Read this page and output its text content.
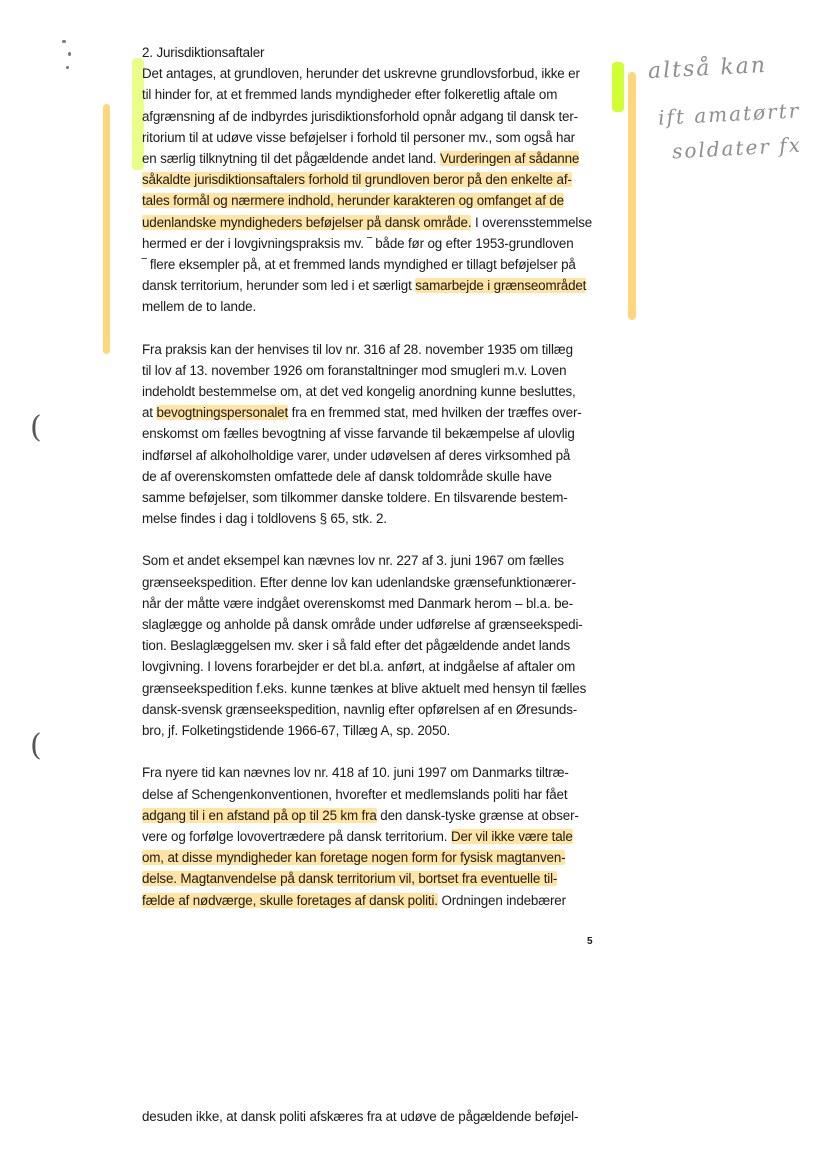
(
(
altså kan
ift amatørtr
soldater fx
2. Jurisdiktionsaftaler

Det antages, at grundloven, herunder det uskrevne grundlovsforbud, ikke er
til hinder for, at et fremmed lands myndigheder efter folkeretlig aftale om
afgrænsning af de indbyrdes jurisdiktionsforhold opnår adgang til dansk ter-
ritorium til at udøve visse beføjelser i forhold til personer mv., som også har
en særlig tilknytning til det pågældende andet land. Vurderingen af sådanne
såkaldte jurisdiktionsaftalers forhold til grundloven beror på den enkelte af-
tales formål og nærmere indhold, herunder karakteren og omfanget af de
udenlandske myndigheders beføjelser på dansk område. I overensstemmelse
hermed er der i lovgivningspraksis mv. ‾ både før og efter 1953-grundloven
‾ flere eksempler på, at et fremmed lands myndighed er tillagt beføjelser på
dansk territorium, herunder som led i et særligt samarbejde i grænseområdet
mellem de to lande.

Fra praksis kan der henvises til lov nr. 316 af 28. november 1935 om tillæg
til lov af 13. november 1926 om foranstaltninger mod smugleri m.v. Loven
indeholdt bestemmelse om, at det ved kongelig anordning kunne besluttes,
at bevogtningspersonalet fra en fremmed stat, med hvilken der træffes over-
enskomst om fælles bevogtning af visse farvande til bekæmpelse af ulovlig
indførsel af alkoholholdige varer, under udøvelsen af deres virksomhed på
de af overenskomsten omfattede dele af dansk toldområde skulle have
samme beføjelser, som tilkommer danske toldere. En tilsvarende bestem-
melse findes i dag i toldlovens § 65, stk. 2.

Som et andet eksempel kan nævnes lov nr. 227 af 3. juni 1967 om fælles
grænseekspedition. Efter denne lov kan udenlandske grænsefunktionærer-
når der måtte være indgået overenskomst med Danmark herom – bl.a. be-
slaglægge og anholde på dansk område under udførelse af grænseekspedi-
tion. Beslaglæggelsen mv. sker i så fald efter det pågældende andet lands
lovgivning. I lovens forarbejder er det bl.a. anført, at indgåelse af aftaler om
grænseekspedition f.eks. kunne tænkes at blive aktuelt med hensyn til fælles
dansk-svensk grænseekspedition, navnlig efter opførelsen af en Øresunds-
bro, jf. Folketingstidende 1966-67, Tillæg A, sp. 2050.

Fra nyere tid kan nævnes lov nr. 418 af 10. juni 1997 om Danmarks tiltræ-
delse af Schengenkonventionen, hvorefter et medlemslands politi har fået
adgang til i en afstand på op til 25 km fra den dansk-tyske grænse at obser-
vere og forfølge lovovertrædere på dansk territorium. Der vil ikke være tale
om, at disse myndigheder kan foretage nogen form for fysisk magtanven-
delse. Magtanvendelse på dansk territorium vil, bortset fra eventuelle til-
fælde af nødværge, skulle foretages af dansk politi. Ordningen indebærer

5
desuden ikke, at dansk politi afskæres fra at udøve de pågældende beføjel-
